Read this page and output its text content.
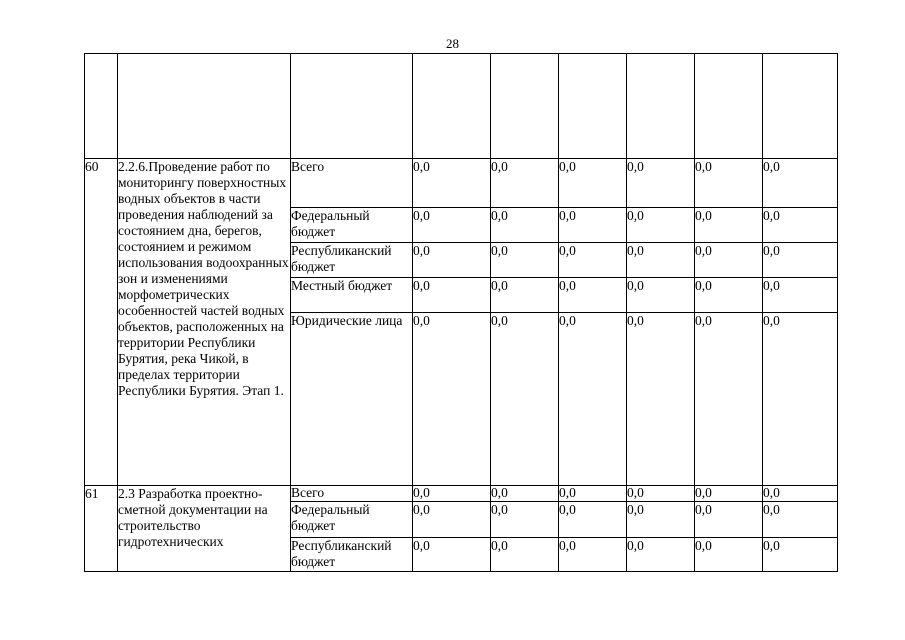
28

60	2.2.6.Проведение работ по мониторингу поверхностных водных объектов в части проведения наблюдений за состоянием дна, берегов, состоянием и режимом использования водоохранных зон и изменениями морфометрических особенностей частей водных объектов, расположенных на территории Республики Бурятия, река Чикой, в пределах территории Республики Бурятия. Этап 1.	Всего	0,0	0,0	0,0	0,0	0,0	0,0
		Федеральный бюджет	0,0	0,0	0,0	0,0	0,0	0,0
		Республиканский бюджет	0,0	0,0	0,0	0,0	0,0	0,0
		Местный бюджет	0,0	0,0	0,0	0,0	0,0	0,0
		Юридические лица	0,0	0,0	0,0	0,0	0,0	0,0
61	2.3 Разработка проектно-сметной документации на строительство гидротехнических	Всего	0,0	0,0	0,0	0,0	0,0	0,0
		Федеральный бюджет	0,0	0,0	0,0	0,0	0,0	0,0
		Республиканский бюджет	0,0	0,0	0,0	0,0	0,0	0,0
